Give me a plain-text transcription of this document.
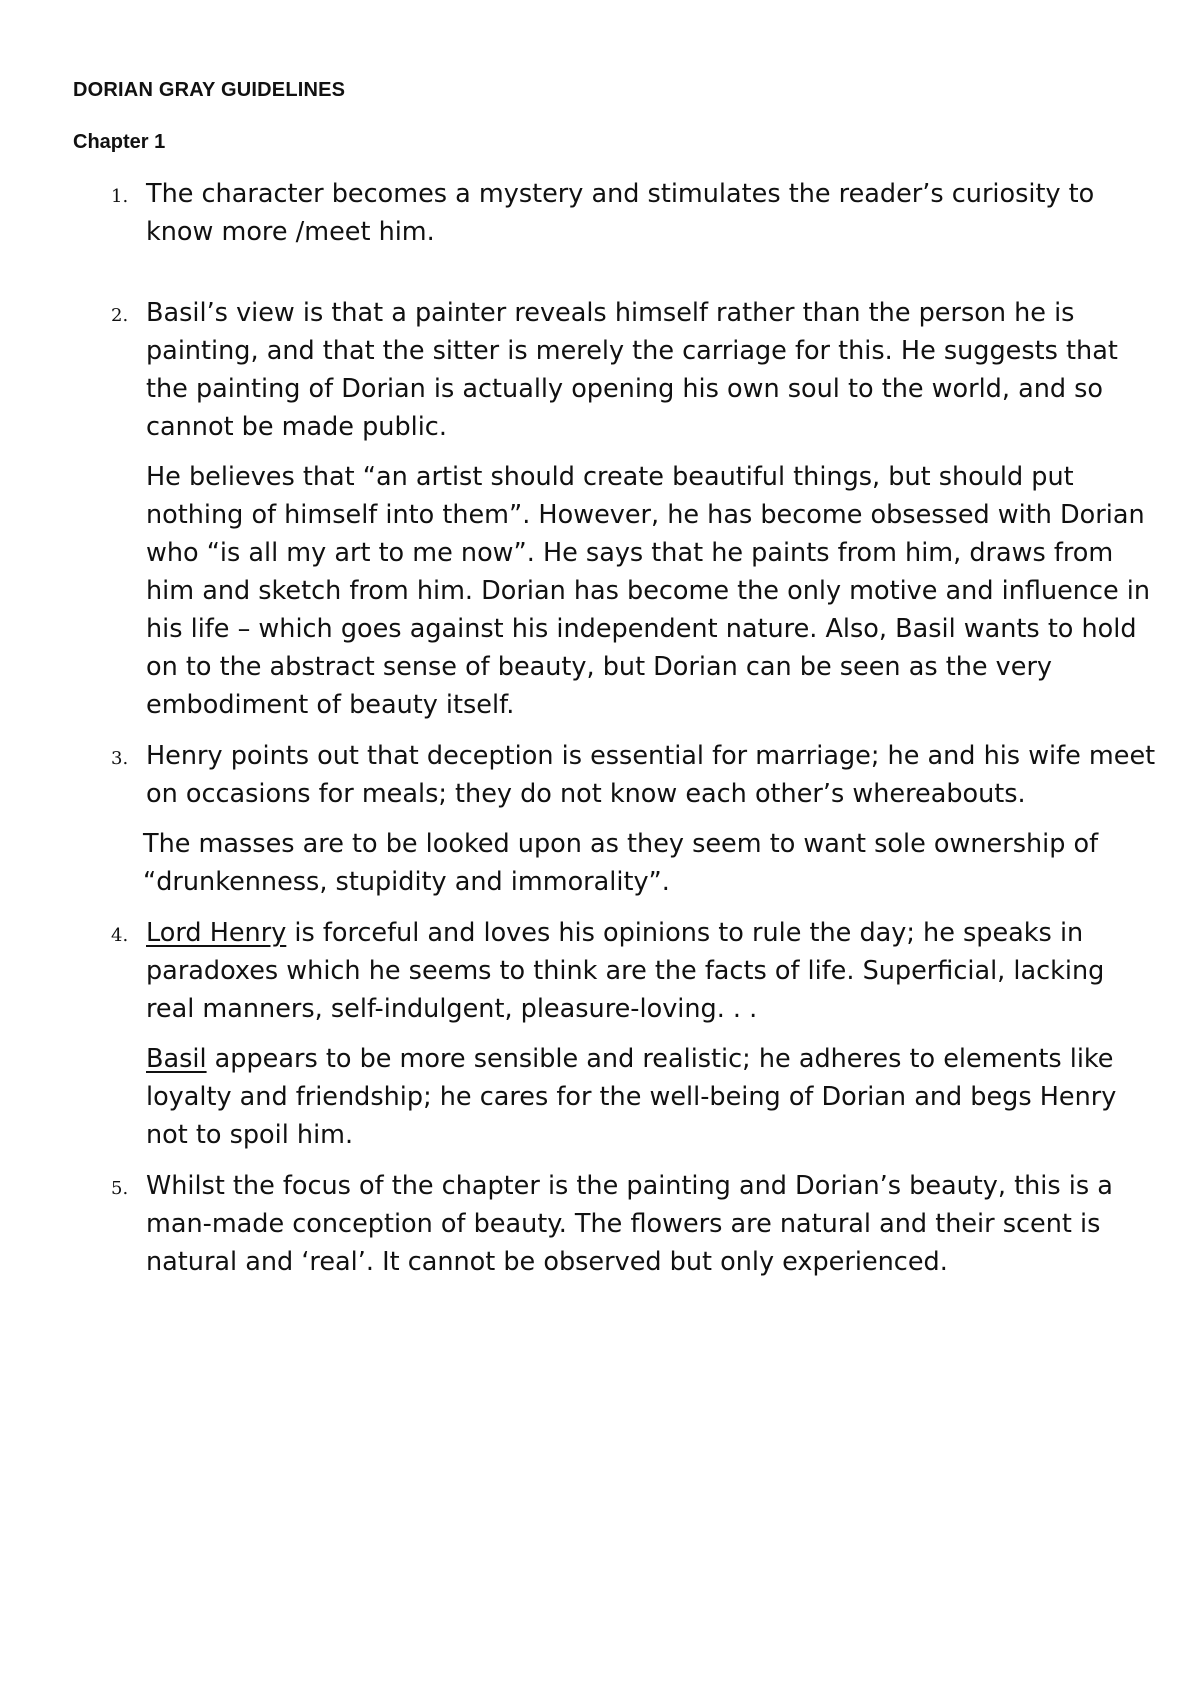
DORIAN GRAY GUIDELINES
Chapter 1
1. The character becomes a mystery and stimulates the reader’s curiosity to know more /meet him.

2. Basil’s view is that a painter reveals himself rather than the person he is painting, and that the sitter is merely the carriage for this. He suggests that the painting of Dorian is actually opening his own soul to the world, and so cannot be made public.

He believes that “an artist should create beautiful things, but should put nothing of himself into them”. However, he has become obsessed with Dorian who “is all my art to me now”. He says that he paints from him, draws from him and sketch from him. Dorian has become the only motive and influence in his life – which goes against his independent nature. Also, Basil wants to hold on to the abstract sense of beauty, but Dorian can be seen as the very embodiment of beauty itself.

3. Henry points out that deception is essential for marriage; he and his wife meet on occasions for meals; they do not know each other’s whereabouts.

The masses are to be looked upon as they seem to want sole ownership of “drunkenness, stupidity and immorality”.

4. Lord Henry is forceful and loves his opinions to rule the day; he speaks in paradoxes which he seems to think are the facts of life. Superficial, lacking real manners, self-indulgent, pleasure-loving. . .

Basil appears to be more sensible and realistic; he adheres to elements like loyalty and friendship; he cares for the well-being of Dorian and begs Henry not to spoil him.

5. Whilst the focus of the chapter is the painting and Dorian’s beauty, this is a man-made conception of beauty. The flowers are natural and their scent is natural and ‘real’. It cannot be observed but only experienced.
